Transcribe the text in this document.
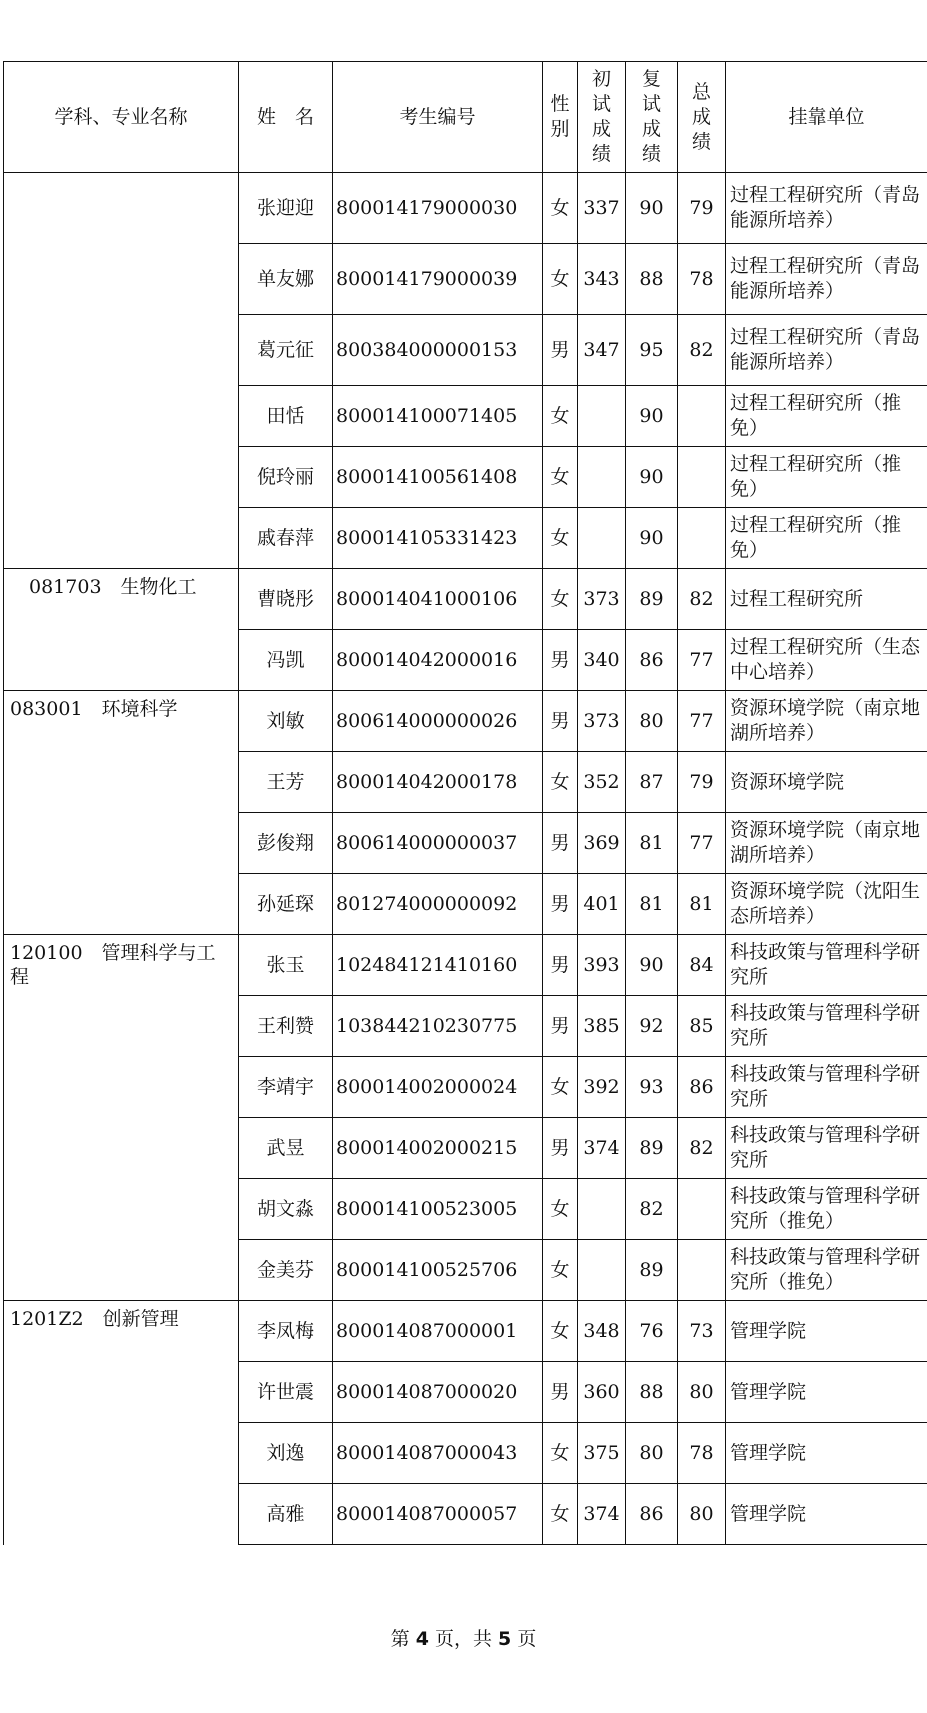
学科、专业名称	姓　名	考生编号	性别	初试成绩	复试成绩	总成绩	挂靠单位
	张迎迎	800014179000030	女	337	90	79	过程工程研究所（青岛能源所培养）
	单友娜	800014179000039	女	343	88	78	过程工程研究所（青岛能源所培养）
	葛元征	800384000000153	男	347	95	82	过程工程研究所（青岛能源所培养）
	田恬	800014100071405	女		90		过程工程研究所（推免）
	倪玲丽	800014100561408	女		90		过程工程研究所（推免）
	戚春萍	800014105331423	女		90		过程工程研究所（推免）
　081703　生物化工	曹晓彤	800014041000106	女	373	89	82	过程工程研究所
	冯凯	800014042000016	男	340	86	77	过程工程研究所（生态中心培养）
083001　环境科学	刘敏	800614000000026	男	373	80	77	资源环境学院（南京地湖所培养）
	王芳	800014042000178	女	352	87	79	资源环境学院
	彭俊翔	800614000000037	男	369	81	77	资源环境学院（南京地湖所培养）
	孙延琛	801274000000092	男	401	81	81	资源环境学院（沈阳生态所培养）
120100　管理科学与工程	张玉	102484121410160	男	393	90	84	科技政策与管理科学研究所
	王利赞	103844210230775	男	385	92	85	科技政策与管理科学研究所
	李靖宇	800014002000024	女	392	93	86	科技政策与管理科学研究所
	武昱	800014002000215	男	374	89	82	科技政策与管理科学研究所
	胡文淼	800014100523005	女		82		科技政策与管理科学研究所（推免）
	金美芬	800014100525706	女		89		科技政策与管理科学研究所（推免）
1201Z2　创新管理	李凤梅	800014087000001	女	348	76	73	管理学院
	许世震	800014087000020	男	360	88	80	管理学院
	刘逸	800014087000043	女	375	80	78	管理学院
	高雅	800014087000057	女	374	86	80	管理学院
第 4 页，共 5 页
